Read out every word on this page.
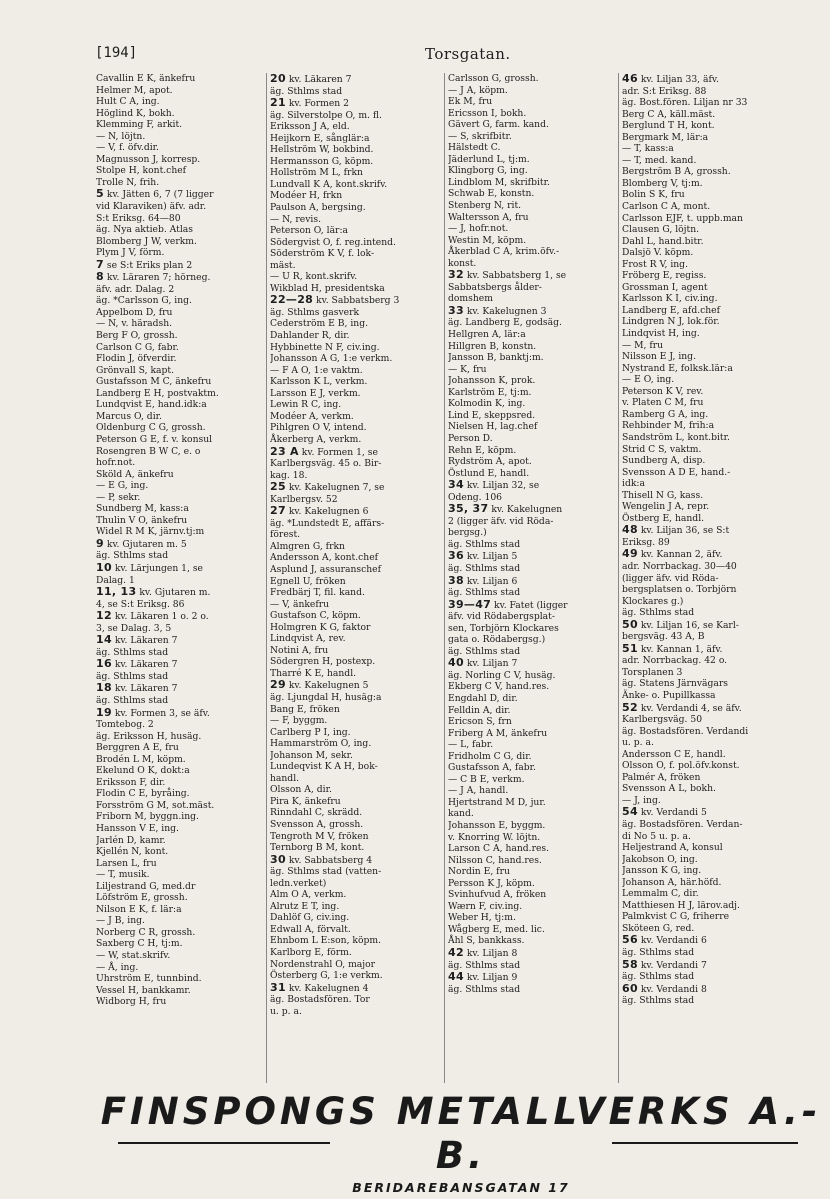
[194]	Torsgatan.
Cavallin E K, änkefru
Helmer M, apot.
Hult C A, ing.
Höglind K, bokh.
Klemming F, arkit.
— N, löjtn.
— V, f. öfv.dir.
Magnusson J, korresp.
Stolpe H, kont.chef
Trolle N, frih.
5 kv. Jätten 6, 7 (7 ligger
vid Klaraviken) äfv. adr.
S:t Eriksg. 64—80
äg. Nya aktieb. Atlas
Blomberg J W, verkm.
Plym J V, förm.
7 se S:t Eriks plan 2
8 kv. Läraren 7; hörneg.
äfv. adr. Dalag. 2
äg. *Carlsson G, ing.
Appelbom D, fru
— N, v. häradsh.
Berg F O, grossh.
Carlson C G, fabr.
Flodin J, öfverdir.
Grönvall S, kapt.
Gustafsson M C, änkefru
Landberg E H, postvaktm.
Lundqvist E, hand.idk:a
Marcus O, dir.
Oldenburg C G, grossh.
Peterson G E, f. v. konsul
Rosengren B W C, e. o
hofr.not.
Sköld A, änkefru
— E G, ing.
— P, sekr.
Sundberg M, kass:a
Thulin V O, änkefru
Widel R M K, järnv.tj:m
9 kv. Gjutaren m. 5
äg. Sthlms stad
10 kv. Lärjungen 1, se
Dalag. 1
11, 13 kv. Gjutaren m.
4, se S:t Eriksg. 86
12 kv. Läkaren 1 o. 2 o.
3, se Dalag. 3, 5
14 kv. Läkaren 7
äg. Sthlms stad
16 kv. Läkaren 7
äg. Sthlms stad
18 kv. Läkaren 7
äg. Sthlms stad
19 kv. Formen 3, se äfv.
Tomtebog. 2
äg. Eriksson H, husäg.
Berggren A E, fru
Brodén L M, köpm.
Ekelund O K, dokt:a
Eriksson F, dir.
Flodin C E, byråing.
Forsström G M, sot.mäst.
Friborn M, byggn.ing.
Hansson V E, ing.
Jarlén D, kamr.
Kjellén N, kont.
Larsen L, fru
— T, musik.
Liljestrand G, med.dr
Löfström E, grossh.
Nilson E K, f. lär:a
— J B, ing.
Norberg C R, grossh.
Saxberg C H, tj:m.
— W, stat.skrifv.
— Å, ing.
Uhrström E, tunnbind.
Vessel H, bankkamr.
Widborg H, fru
20 kv. Läkaren 7
äg. Sthlms stad
21 kv. Formen 2
äg. Silverstolpe O, m. fl.
Eriksson J A, eld.
Heijkorn E, sånglär:a
Hellström W, bokbind.
Hermansson G, köpm.
Hollström M L, frkn
Lundvall K A, kont.skrifv.
Modéer H, frkn
Paulson A, bergsing.
— N, revis.
Peterson O, lär:a
Södergvist O, f. reg.intend.
Söderström K V, f. lok-
mäst.
— U R, kont.skrifv.
Wikblad H, presidentska
22—28 kv. Sabbatsberg 3
äg. Sthlms gasverk
Cederström E B, ing.
Dahlander R, dir.
Hybbinette N F, civ.ing.
Johansson A G, 1:e verkm.
— F A O, 1:e vaktm.
Karlsson K L, verkm.
Larsson E J, verkm.
Lewin R C, ing.
Modéer A, verkm.
Pihlgren O V, intend.
Åkerberg A, verkm.
23 A kv. Formen 1, se
Karlbergsväg. 45 o. Bir-
kag. 18.
25 kv. Kakelugnen 7, se
Karlbergsv. 52
27 kv. Kakelugnen 6
äg. *Lundstedt E, affärs-
förest.
Almgren G, frkn
Andersson A, kont.chef
Asplund J, assuranschef
Egnell U, fröken
Fredbärj T, fil. kand.
— V, änkefru
Gustafson C, köpm.
Holmgren K G, faktor
Lindqvist A, rev.
Notini A, fru
Södergren H, postexp.
Tharré K E, handl.
29 kv. Kakelugnen 5
äg. Ljungdal H, husäg:a
Bang E, fröken
— F, byggm.
Carlberg P I, ing.
Hammarström O, ing.
Johanson M, sekr.
Lundeqvist K A H, bok-
handl.
Olsson A, dir.
Pira K, änkefru
Rinndahl C, skrädd.
Svensson A, grossh.
Tengroth M V, fröken
Ternborg B M, kont.
30 kv. Sabbatsberg 4
äg. Sthlms stad (vatten-
ledn.verket)
Alm O A, verkm.
Alrutz E T, ing.
Dahlöf G, civ.ing.
Edwall A, förvalt.
Ehnbom L E:son, köpm.
Karlborg E, förm.
Nordenstrahl O, major
Österberg G, 1:e verkm.
31 kv. Kakelugnen 4
äg. Bostadsfören. Tor
u. p. a.
Carlsson G, grossh.
— J A, köpm.
Ek M, fru
Ericsson I, bokh.
Gävert G, farm. kand.
— S, skrifbitr.
Hälstedt C.
Jäderlund L, tj:m.
Klingborg G, ing.
Lindblom M, skrifbitr.
Schwab E, konstn.
Stenberg N, rit.
Waltersson A, fru
— J, hofr.not.
Westin M, köpm.
Åkerblad C A, krim.öfv.-
konst.
32 kv. Sabbatsberg 1, se
Sabbatsbergs ålder-
domshem
33 kv. Kakelugnen 3
äg. Landberg E, godsäg.
Hellgren A, lär:a
Hillgren B, konstn.
Jansson B, banktj:m.
— K, fru
Johansson K, prok.
Karlström E, tj:m.
Kolmodin K, ing.
Lind E, skeppsred.
Nielsen H, lag.chef
Person D.
Rehn E, köpm.
Rydström A, apot.
Östlund E, handl.
34 kv. Liljan 32, se
Odeng. 106
35, 37 kv. Kakelugnen
2 (ligger äfv. vid Röda-
bergsg.)
äg. Sthlms stad
36 kv. Liljan 5
äg. Sthlms stad
38 kv. Liljan 6
äg. Sthlms stad
39—47 kv. Fatet (ligger
äfv. vid Rödabergsplat-
sen, Torbjörn Klockares
gata o. Rödabergsg.)
äg. Sthlms stad
40 kv. Liljan 7
äg. Norling C V, husäg.
Ekberg C V, hand.res.
Engdahl D, dir.
Felldin A, dir.
Ericson S, frn
Friberg A M, änkefru
— L, fabr.
Fridholm C G, dir.
Gustafsson A, fabr.
— C B E, verkm.
— J A, handl.
Hjertstrand M D, jur.
kand.
Johansson E, byggm.
v. Knorring W. löjtn.
Larson C A, hand.res.
Nilsson C, hand.res.
Nordin E, fru
Persson K J, köpm.
Svinhufvud A, fröken
Wærn F, civ.ing.
Weber H, tj:m.
Wågberg E, med. lic.
Åhl S, bankkass.
42 kv. Liljan 8
äg. Sthlms stad
44 kv. Liljan 9
äg. Sthlms stad
46 kv. Liljan 33, äfv.
adr. S:t Eriksg. 88
äg. Bost.fören. Liljan nr 33
Berg C A, käll.mäst.
Berglund T H, kont.
Bergmark M, lär:a
— T, kass:a
— T, med. kand.
Bergström B A, grossh.
Blomberg V, tj:m.
Bolin S K, fru
Carlson C A, mont.
Carlsson EJF, t. uppb.man
Clausen G, löjtn.
Dahl L, hand.bitr.
Dalsjö V. köpm.
Frost R V, ing.
Fröberg E, regiss.
Grossman I, agent
Karlsson K I, civ.ing.
Landberg E, afd.chef
Lindgren N J, lok.för.
Lindqvist H, ing.
— M, fru
Nilsson E J, ing.
Nystrand E, folksk.lär:a
— E O, ing.
Peterson K V, rev.
v. Platen C M, fru
Ramberg G A, ing.
Rehbinder M, frih:a
Sandström L, kont.bitr.
Strid C S, vaktm.
Sundberg A, disp.
Svensson A D E, hand.-
idk:a
Thisell N G, kass.
Wengelin J A, repr.
Östberg E, handl.
48 kv. Liljan 36, se S:t
Eriksg. 89
49 kv. Kannan 2, äfv.
adr. Norrbackag. 30—40
(ligger äfv. vid Röda-
bergsplatsen o. Torbjörn
Klockares g.)
äg. Sthlms stad
50 kv. Liljan 16, se Karl-
bergsväg. 43 A, B
51 kv. Kannan 1, äfv.
adr. Norrbackag. 42 o.
Torsplanen 3
äg. Statens Järnvägars
Änke- o. Pupillkassa
52 kv. Verdandi 4, se äfv.
Karlbergsväg. 50
äg. Bostadsfören. Verdandi
u. p. a.
Andersson C E, handl.
Olsson O, f. pol.öfv.konst.
Palmér A, fröken
Svensson A L, bokh.
— J, ing.
54 kv. Verdandi 5
äg. Bostadsfören. Verdan-
di No 5 u. p. a.
Heljestrand A, konsul
Jakobson O, ing.
Jansson K G, ing.
Johanson A, här.höfd.
Lemmalm C, dir.
Matthiesen H J, lärov.adj.
Palmkvist C G, friherre
Sköteen G, red.
56 kv. Verdandi 6
äg. Sthlms stad
58 kv. Verdandi 7
äg. Sthlms stad
60 kv. Verdandi 8
äg. Sthlms stad
FINSPONGS METALLVERKS A.-B.
BERIDAREBANSGATAN 17
